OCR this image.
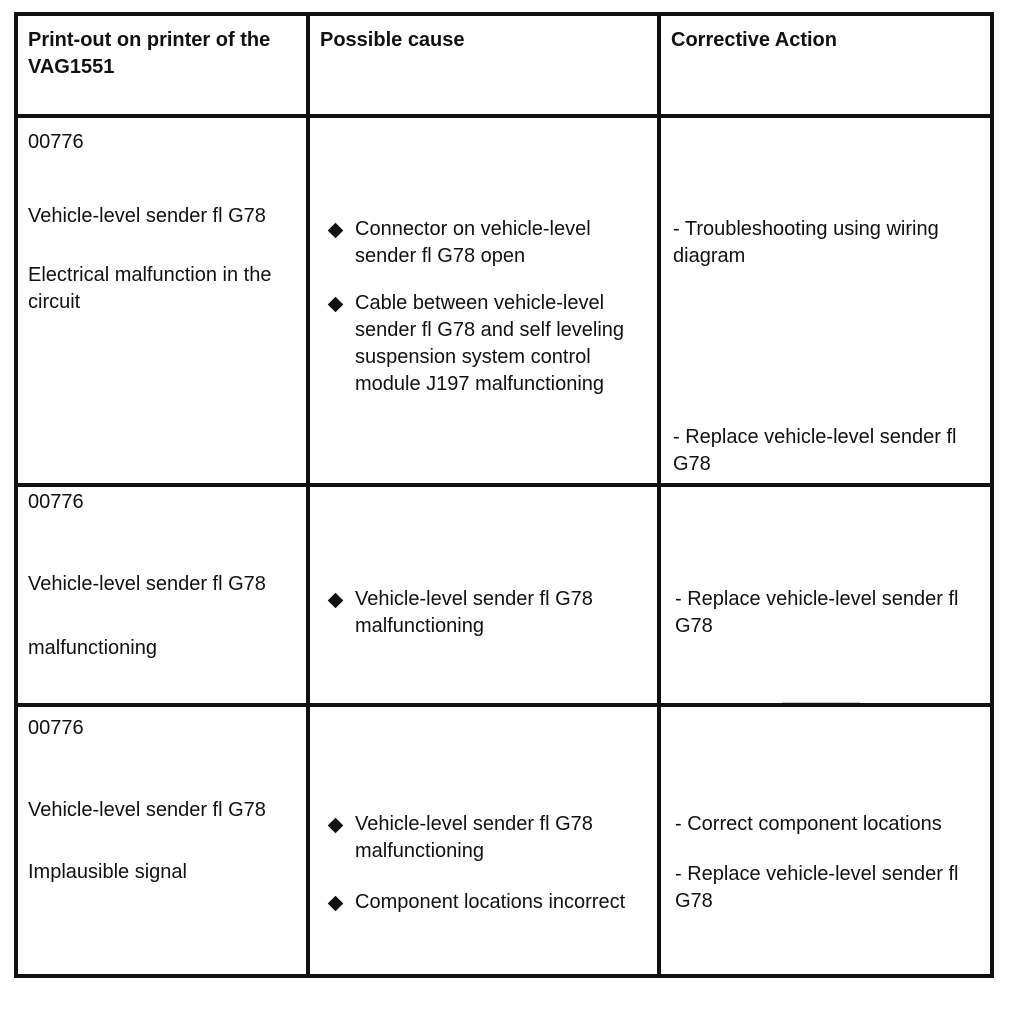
Print-out on printer of the VAG1551
Possible cause	Corrective Action
00776
Vehicle-level sender fl G78
Electrical malfunction in the circuit
Connector on vehicle-level sender fl G78 open
Cable between vehicle-level sender fl G78 and self leveling suspension system control module J197 malfunctioning
- Troubleshooting using wiring diagram
- Replace vehicle-level sender fl G78
00776
Vehicle-level sender fl G78
malfunctioning
Vehicle-level sender fl G78 malfunctioning
- Replace vehicle-level sender fl G78
00776
Vehicle-level sender fl G78
Implausible signal
Vehicle-level sender fl G78 malfunctioning
Component locations incorrect
- Correct component locations
- Replace vehicle-level sender fl G78
